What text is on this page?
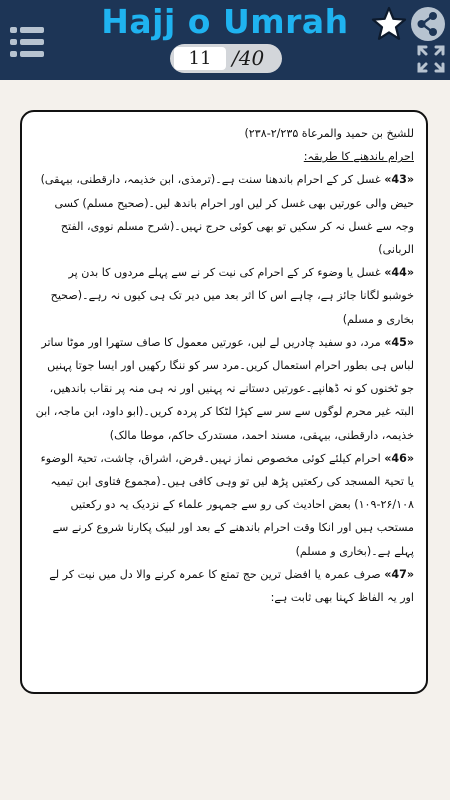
Hajj o Umrah
11
/40

للشیخ بن حمید والمرعاة ۲/۲۳۵-۲۳۸)

احرام باندھنے کا طریقہ:

«43» غسل کر کے احرام باندھنا سنت ہے۔(ترمذی، ابن خذیمہ، دارقطنی، بیہقی) حیض والی عورتیں بھی غسل کر لیں اور احرام باندھ لیں۔(صحیح مسلم) کسی وجہ سے غسل نہ کر سکیں تو بھی کوئی حرج نہیں۔(شرح مسلم نووی، الفتح الربانی)

«44» غسل یا وضوء کر کے احرام کی نیت کر نے سے پہلے مردوں کا بدن پر خوشبو لگانا جائز ہے، چاہے اس کا اثر بعد میں دیر تک ہی کیوں نہ رہے۔(صحیح بخاری و مسلم)

«45» مرد، دو سفید چادریں لے لیں، عورتیں معمول کا صاف ستھرا اور موٹا ساتر لباس ہی بطور احرام استعمال کریں۔مرد سر کو ننگا رکھیں اور ایسا جوتا پہنیں جو ٹخنوں کو نہ ڈھانپے۔عورتیں دستانے نہ پہنیں اور نہ ہی منہ پر نقاب باندھیں، البتہ غیر محرم لوگوں سے سر سے کپڑا لٹکا کر پردہ کریں۔(ابو داود، ابن ماجہ، ابن خذیمہ، دارقطنی، بیہقی، مسند احمد، مستدرک حاکم، موطا مالک)

«46» احرام کیلئے کوئی مخصوص نماز نہیں۔فرض، اشراق، چاشت، تحیۃ الوضوء یا تحیۃ المسجد کی رکعتیں پڑھ لیں تو وہی کافی ہیں۔(مجموع فتاوی ابن تیمیہ ۲۶/۱۰۸-۱۰۹) بعض احادیث کی رو سے جمہور علماء کے نزدیک یہ دو رکعتیں مستحب ہیں اور انکا وقت احرام باندھنے کے بعد اور لبیک پکارنا شروع کرنے سے پہلے ہے۔(بخاری و مسلم)

«47» صرف عمرہ یا افضل ترین حج تمتع کا عمرہ کرنے والا دل میں نیت کر لے اور یہ الفاظ کہنا بھی ثابت ہے:
